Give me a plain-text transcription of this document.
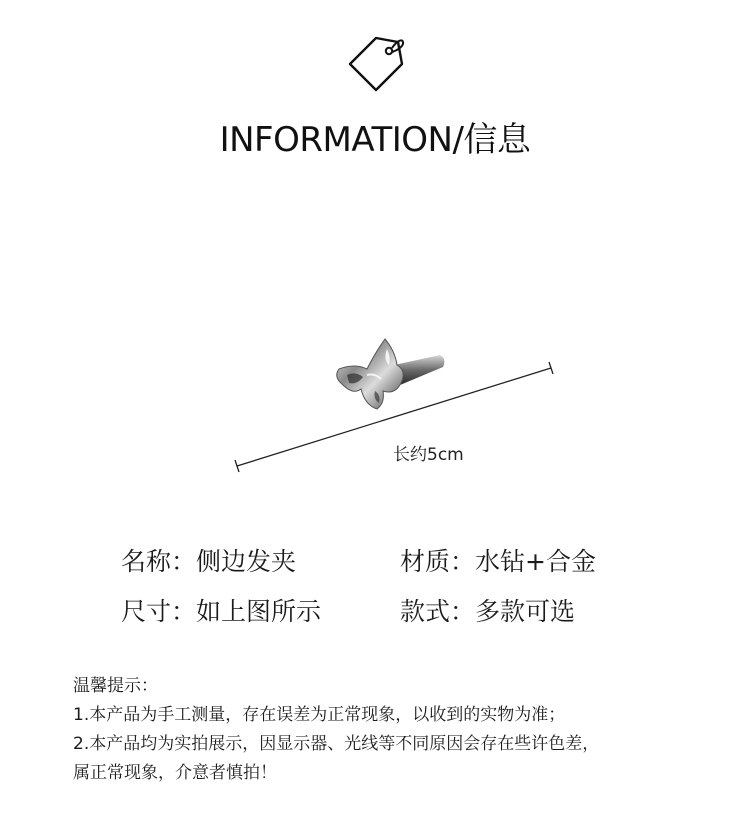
INFORMATION/信息
长约5cm
名称：侧边发夹	材质：水钻+合金
尺寸：如上图所示	款式：多款可选
温馨提示：
1.本产品为手工测量，存在误差为正常现象，以收到的实物为准；
2.本产品均为实拍展示，因显示器、光线等不同原因会存在些许色差，
属正常现象，介意者慎拍！
